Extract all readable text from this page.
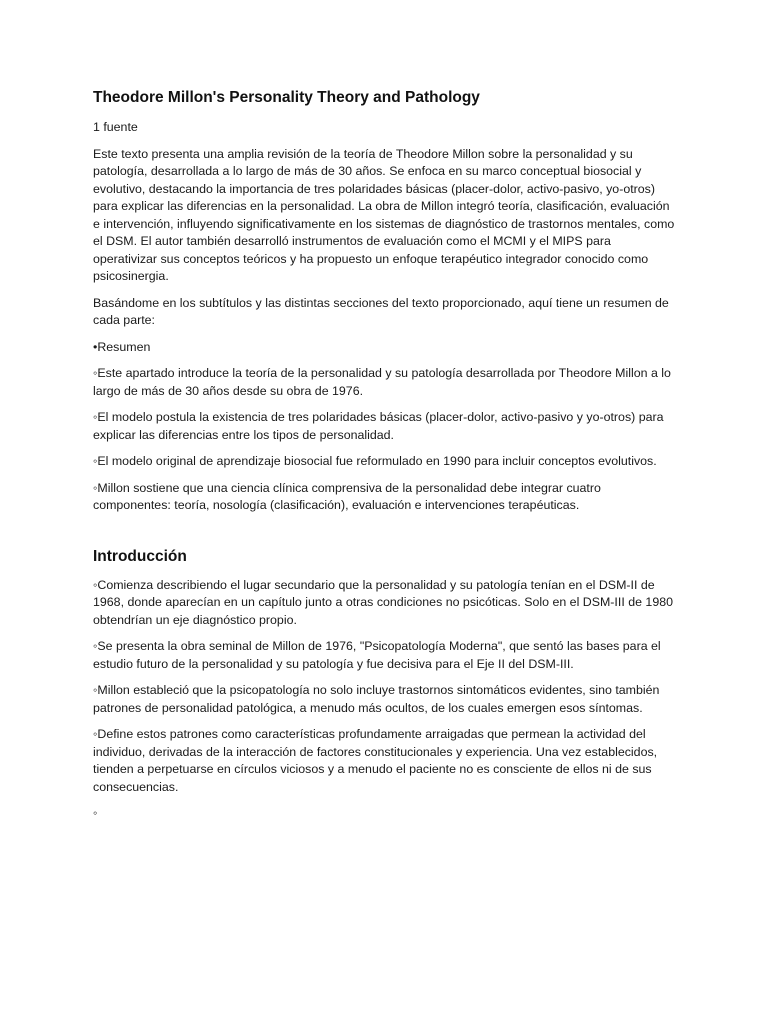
Theodore Millon's Personality Theory and Pathology
1 fuente

Este texto presenta una amplia revisión de la teoría de Theodore Millon sobre la personalidad y su patología, desarrollada a lo largo de más de 30 años. Se enfoca en su marco conceptual biosocial y evolutivo, destacando la importancia de tres polaridades básicas (placer-dolor, activo-pasivo, yo-otros) para explicar las diferencias en la personalidad. La obra de Millon integró teoría, clasificación, evaluación e intervención, influyendo significativamente en los sistemas de diagnóstico de trastornos mentales, como el DSM. El autor también desarrolló instrumentos de evaluación como el MCMI y el MIPS para operativizar sus conceptos teóricos y ha propuesto un enfoque terapéutico integrador conocido como psicosinergia.

Basándome en los subtítulos y las distintas secciones del texto proporcionado, aquí tiene un resumen de cada parte:

•Resumen

◦Este apartado introduce la teoría de la personalidad y su patología desarrollada por Theodore Millon a lo largo de más de 30 años desde su obra de 1976.

◦El modelo postula la existencia de tres polaridades básicas (placer-dolor, activo-pasivo y yo-otros) para explicar las diferencias entre los tipos de personalidad.

◦El modelo original de aprendizaje biosocial fue reformulado en 1990 para incluir conceptos evolutivos.

◦Millon sostiene que una ciencia clínica comprensiva de la personalidad debe integrar cuatro componentes: teoría, nosología (clasificación), evaluación e intervenciones terapéuticas.

Introducción

◦Comienza describiendo el lugar secundario que la personalidad y su patología tenían en el DSM-II de 1968, donde aparecían en un capítulo junto a otras condiciones no psicóticas. Solo en el DSM-III de 1980 obtendrían un eje diagnóstico propio.

◦Se presenta la obra seminal de Millon de 1976, "Psicopatología Moderna", que sentó las bases para el estudio futuro de la personalidad y su patología y fue decisiva para el Eje II del DSM-III.

◦Millon estableció que la psicopatología no solo incluye trastornos sintomáticos evidentes, sino también patrones de personalidad patológica, a menudo más ocultos, de los cuales emergen esos síntomas.

◦Define estos patrones como características profundamente arraigadas que permean la actividad del individuo, derivadas de la interacción de factores constitucionales y experiencia. Una vez establecidos, tienden a perpetuarse en círculos viciosos y a menudo el paciente no es consciente de ellos ni de sus consecuencias.

◦
